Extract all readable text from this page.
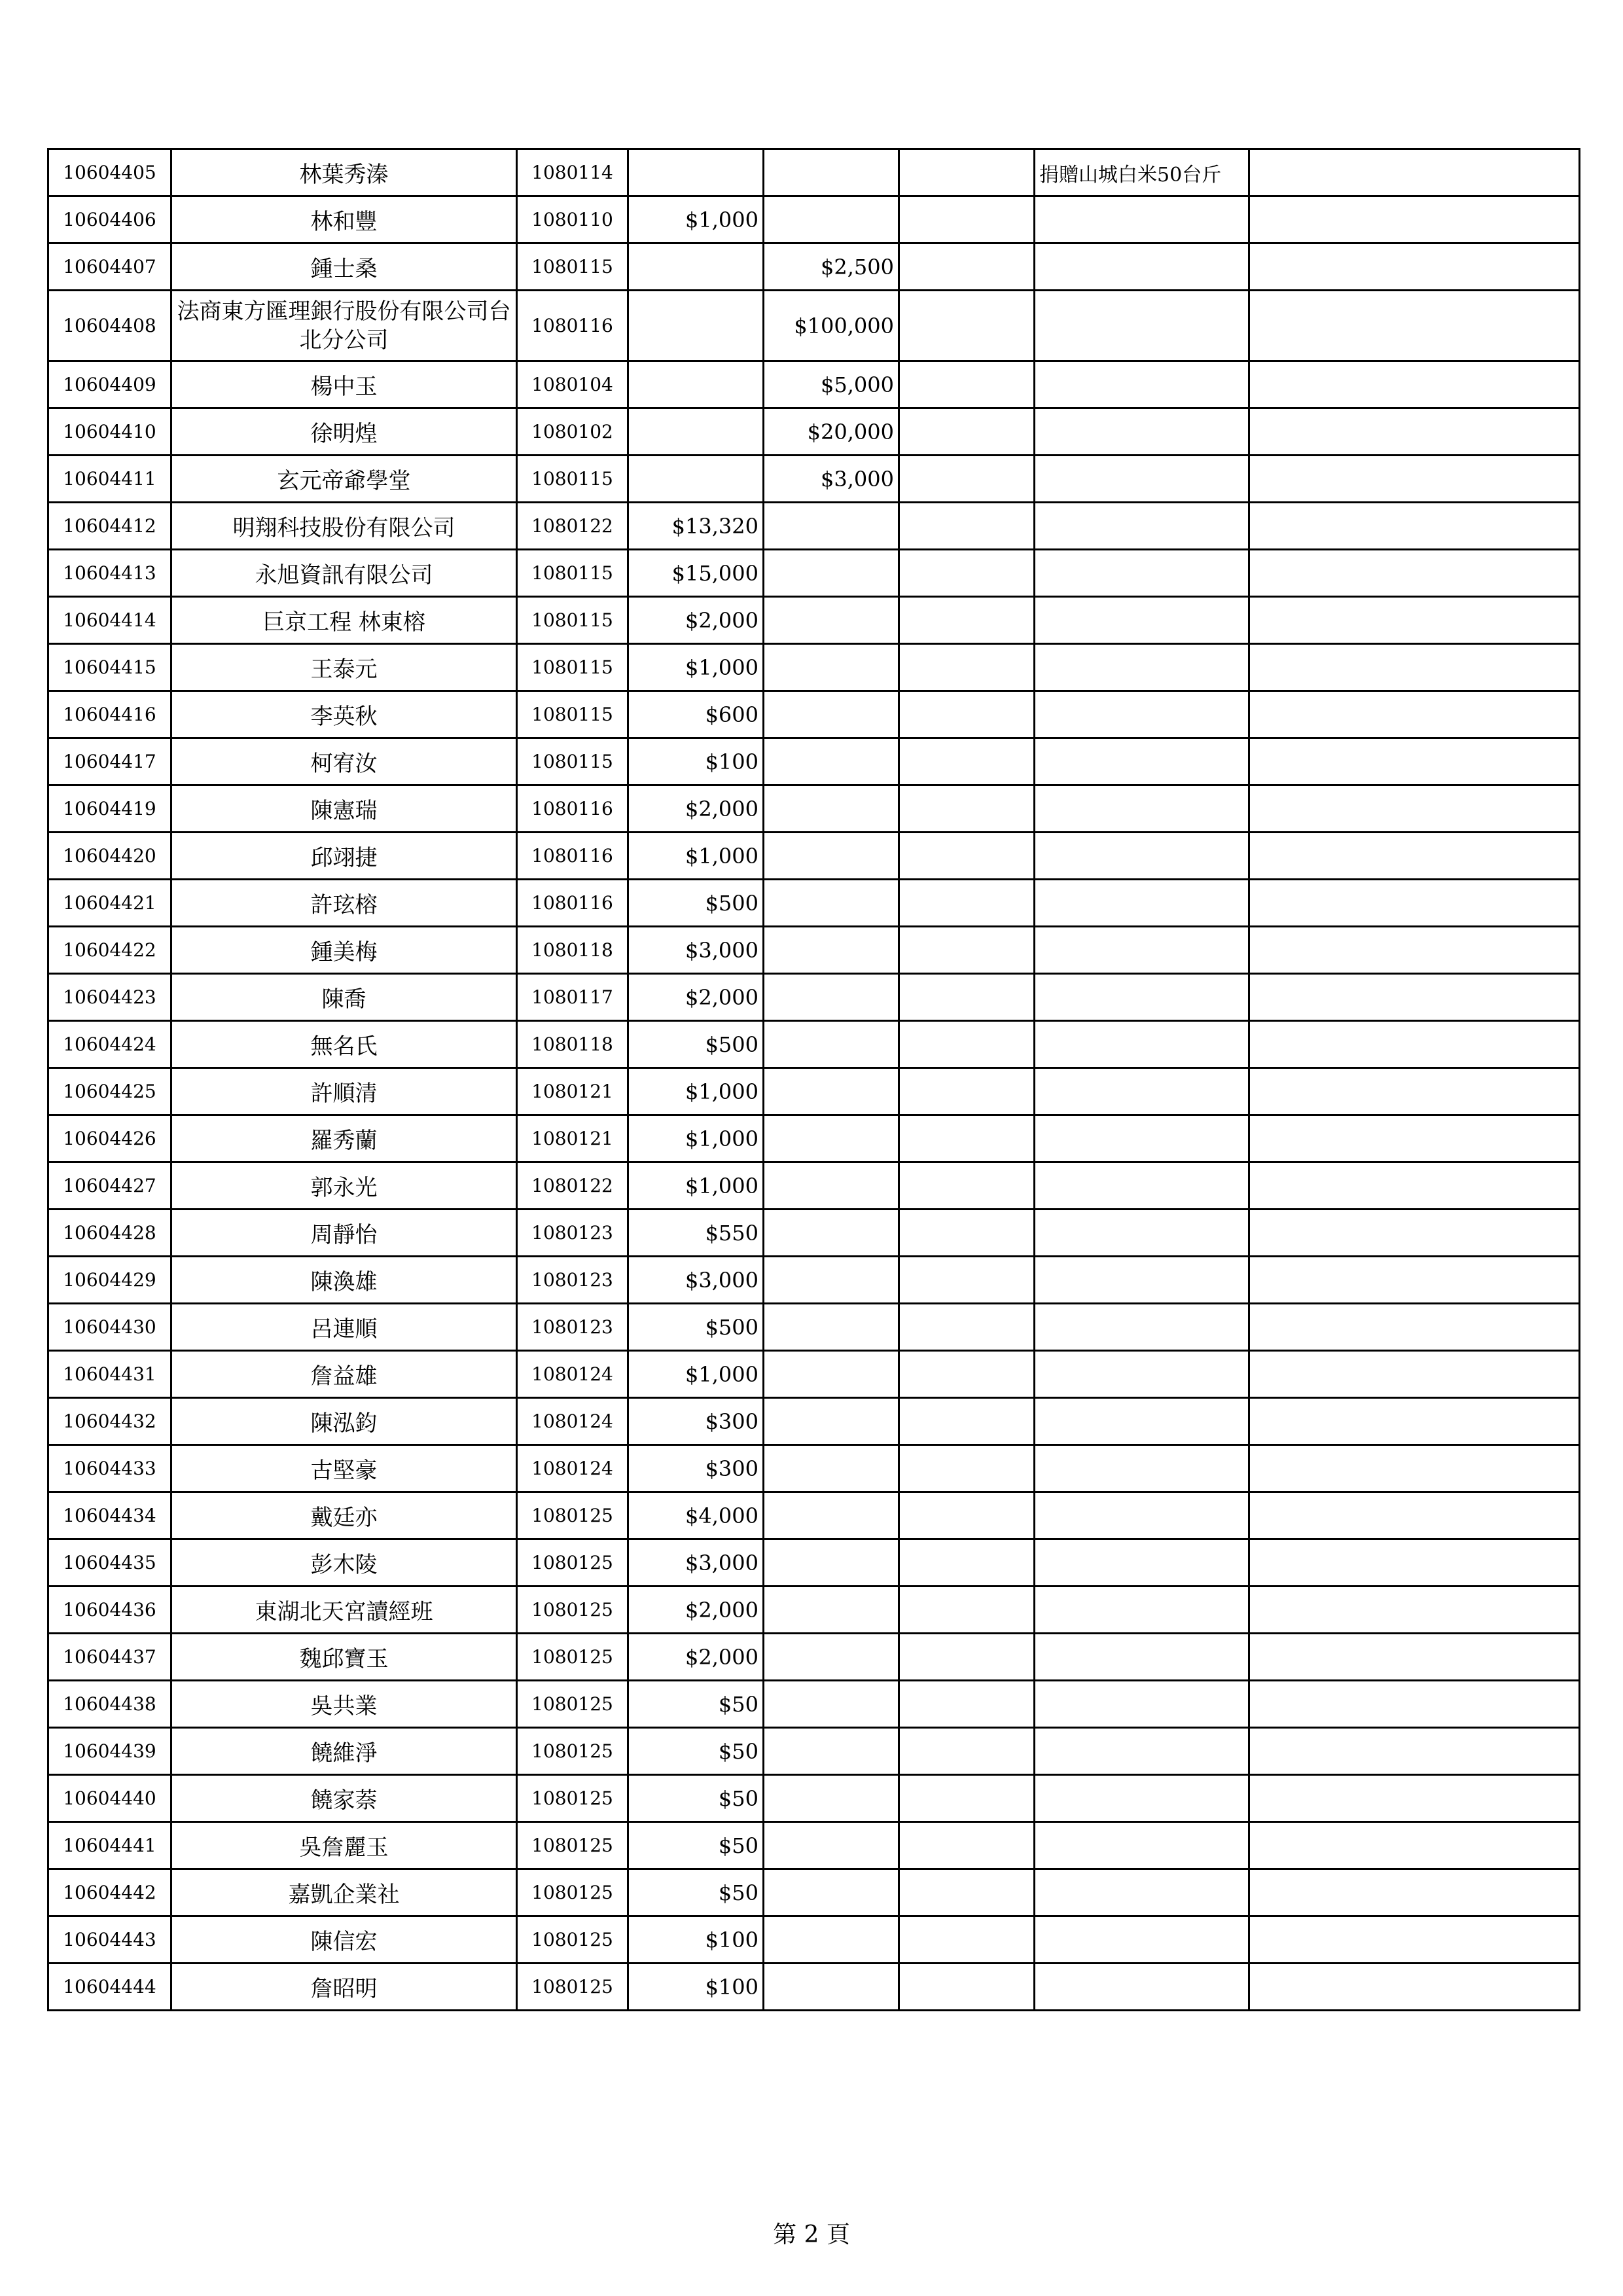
10604405	林葉秀溱	1080114				捐贈山城白米50台斤	
10604406	林和豐	1080110	$1,000				
10604407	鍾士桑	1080115		$2,500			
10604408	法商東方匯理銀行股份有限公司台北分公司	1080116		$100,000			
10604409	楊中玉	1080104		$5,000			
10604410	徐明煌	1080102		$20,000			
10604411	玄元帝爺學堂	1080115		$3,000			
10604412	明翔科技股份有限公司	1080122	$13,320				
10604413	永旭資訊有限公司	1080115	$15,000				
10604414	巨京工程 林東榕	1080115	$2,000				
10604415	王泰元	1080115	$1,000				
10604416	李英秋	1080115	$600				
10604417	柯宥汝	1080115	$100				
10604419	陳憲瑞	1080116	$2,000				
10604420	邱翊捷	1080116	$1,000				
10604421	許玹榕	1080116	$500				
10604422	鍾美梅	1080118	$3,000				
10604423	陳喬	1080117	$2,000				
10604424	無名氏	1080118	$500				
10604425	許順清	1080121	$1,000				
10604426	羅秀蘭	1080121	$1,000				
10604427	郭永光	1080122	$1,000				
10604428	周靜怡	1080123	$550				
10604429	陳渙雄	1080123	$3,000				
10604430	呂連順	1080123	$500				
10604431	詹益雄	1080124	$1,000				
10604432	陳泓鈞	1080124	$300				
10604433	古堅豪	1080124	$300				
10604434	戴廷亦	1080125	$4,000				
10604435	彭木陵	1080125	$3,000				
10604436	東湖北天宮讀經班	1080125	$2,000				
10604437	魏邱寶玉	1080125	$2,000				
10604438	吳共業	1080125	$50				
10604439	饒維淨	1080125	$50				
10604440	饒家萘	1080125	$50				
10604441	吳詹麗玉	1080125	$50				
10604442	嘉凱企業社	1080125	$50				
10604443	陳信宏	1080125	$100				
10604444	詹昭明	1080125	$100				
第 2 頁
